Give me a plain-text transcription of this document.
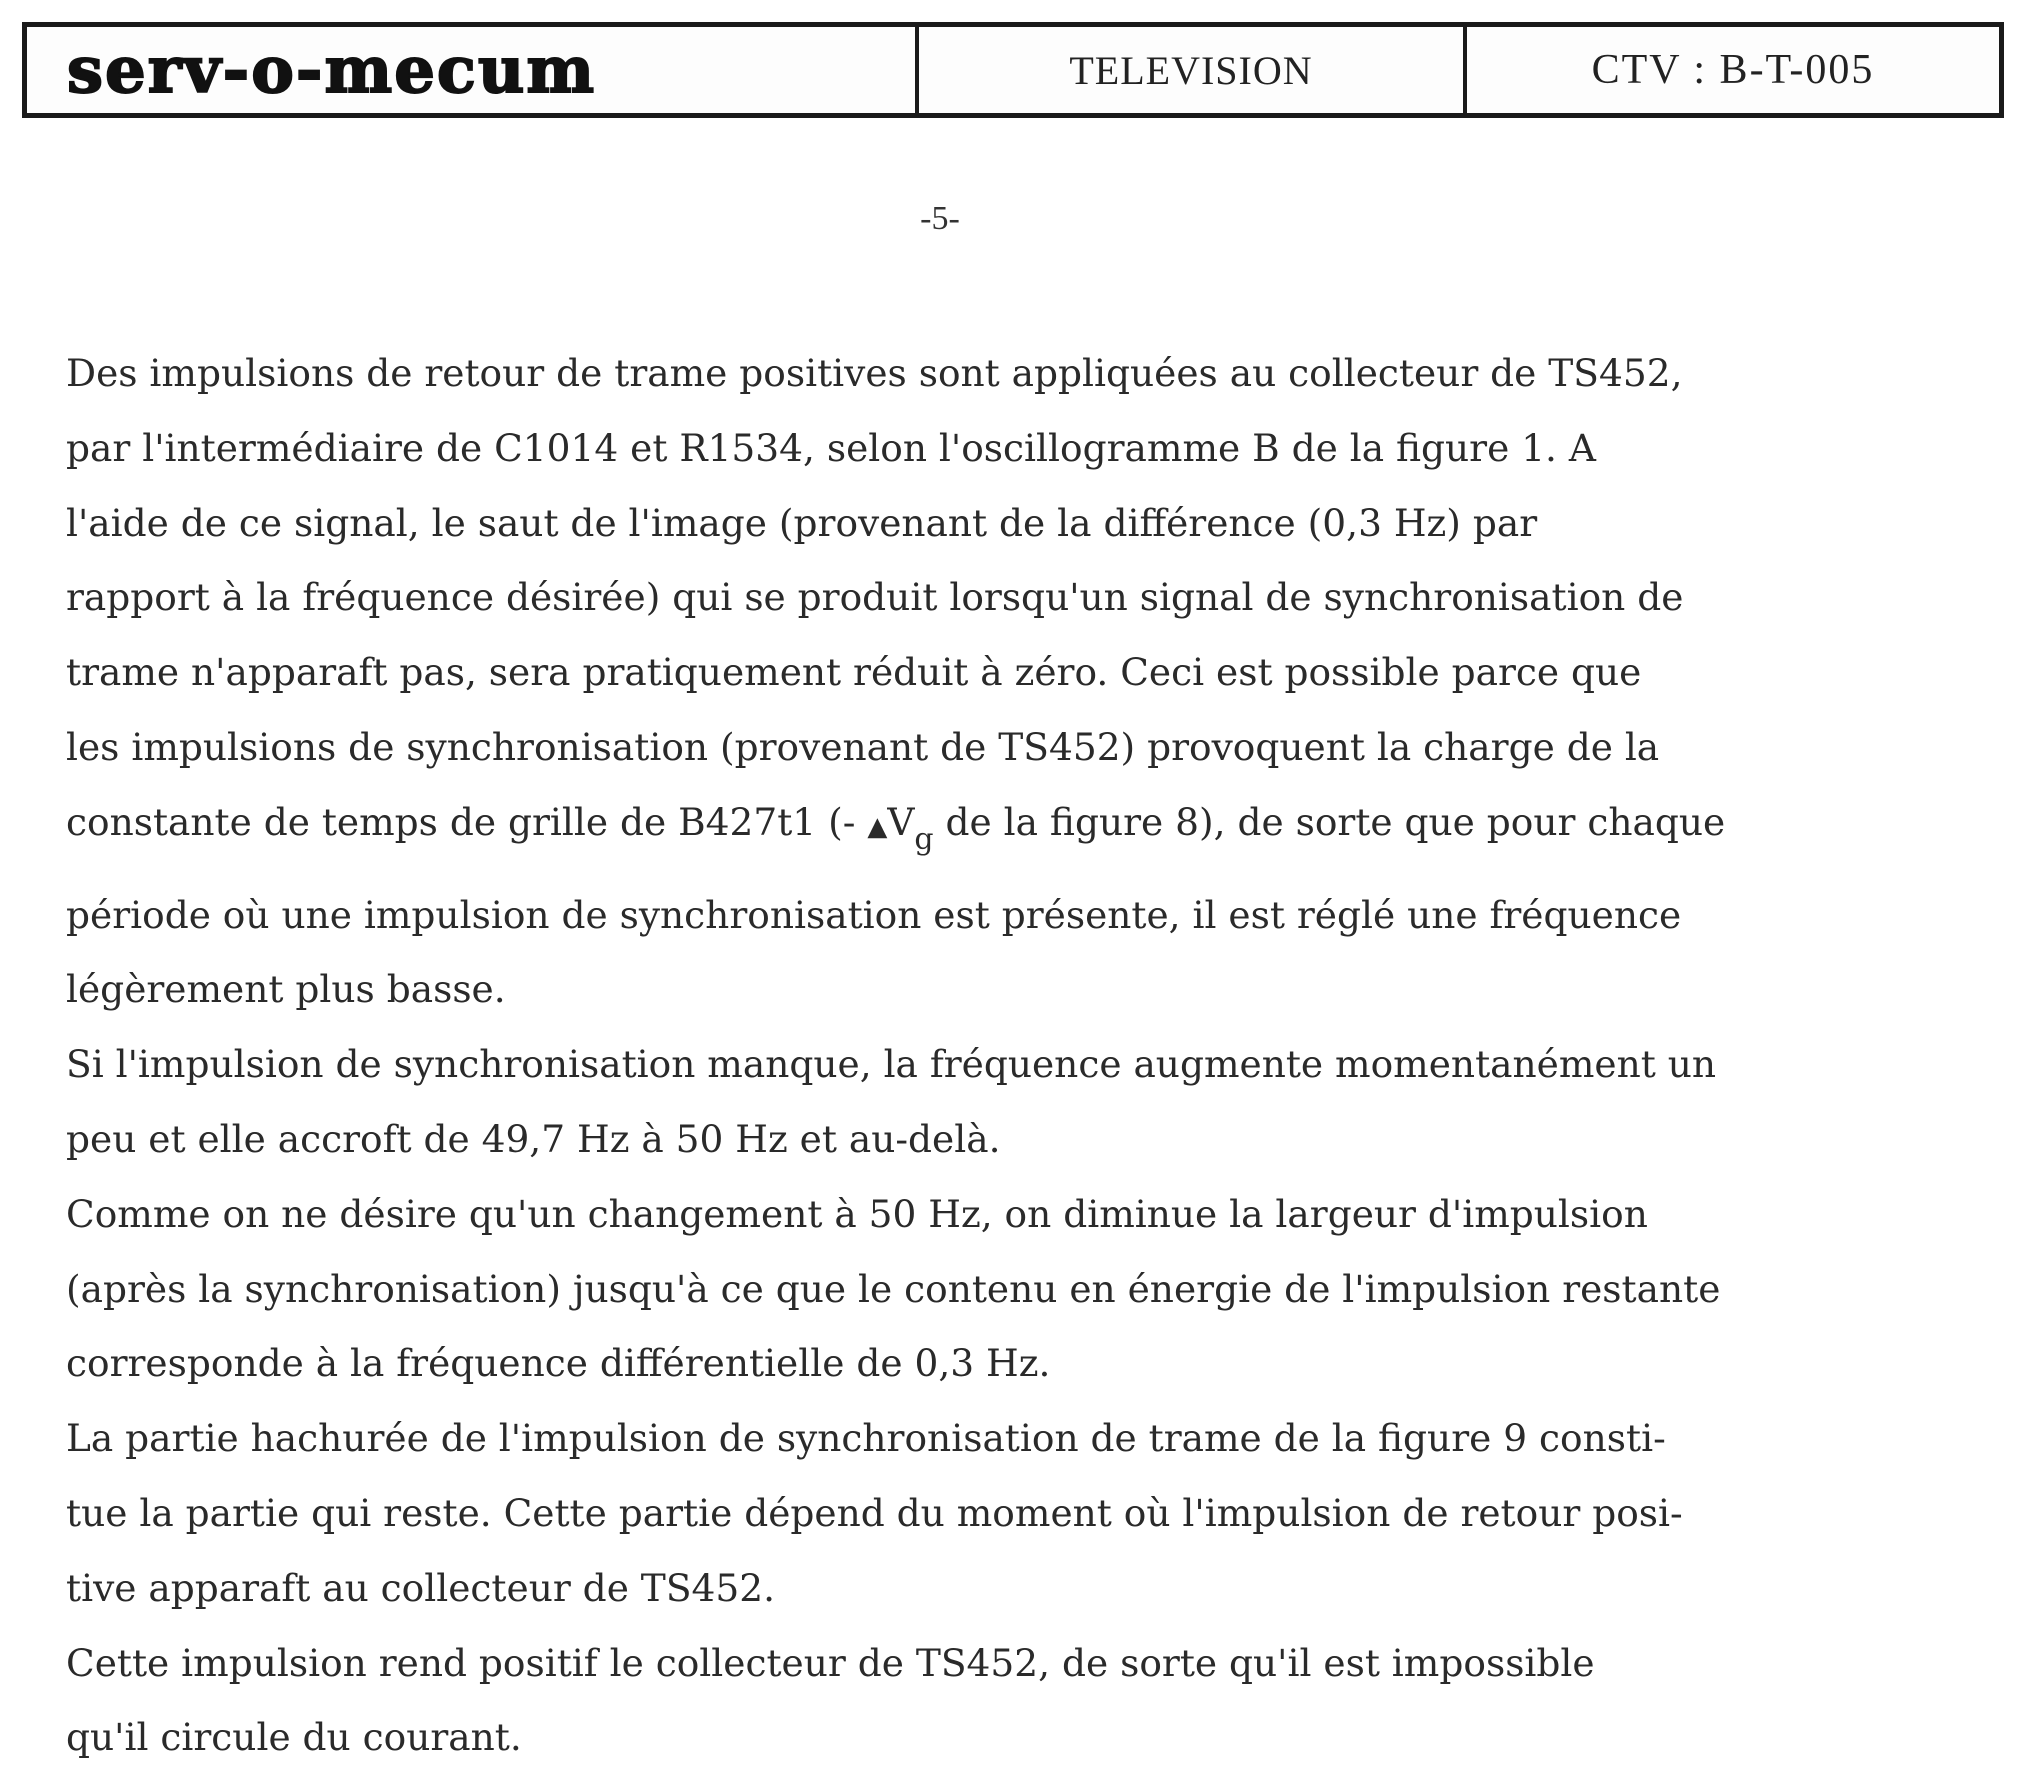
serv-o-mecum	TELEVISION	CTV : B-T-005
-5-

Des impulsions de retour de trame positives sont appliquées au collecteur de TS452,
par l'intermédiaire de C1014 et R1534, selon l'oscillogramme B de la figure 1. A
l'aide de ce signal, le saut de l'image (provenant de la différence (0,3 Hz) par
rapport à la fréquence désirée) qui se produit lorsqu'un signal de synchronisation de
trame n'apparaft pas, sera pratiquement réduit à zéro. Ceci est possible parce que
les impulsions de synchronisation (provenant de TS452) provoquent la charge de la
constante de temps de grille de B427t1 (- $▲V_g$ de la figure 8), de sorte que pour chaque
période où une impulsion de synchronisation est présente, il est réglé une fréquence
légèrement plus basse.

Si l'impulsion de synchronisation manque, la fréquence augmente momentanément un
peu et elle accroft de 49,7 Hz à 50 Hz et au-delà.

Comme on ne désire qu'un changement à 50 Hz, on diminue la largeur d'impulsion
(après la synchronisation) jusqu'à ce que le contenu en énergie de l'impulsion restante
corresponde à la fréquence différentielle de 0,3 Hz.

La partie hachurée de l'impulsion de synchronisation de trame de la figure 9 consti-
tue la partie qui reste. Cette partie dépend du moment où l'impulsion de retour posi-
tive apparaft au collecteur de TS452.

Cette impulsion rend positif le collecteur de TS452, de sorte qu'il est impossible
qu'il circule du courant.
